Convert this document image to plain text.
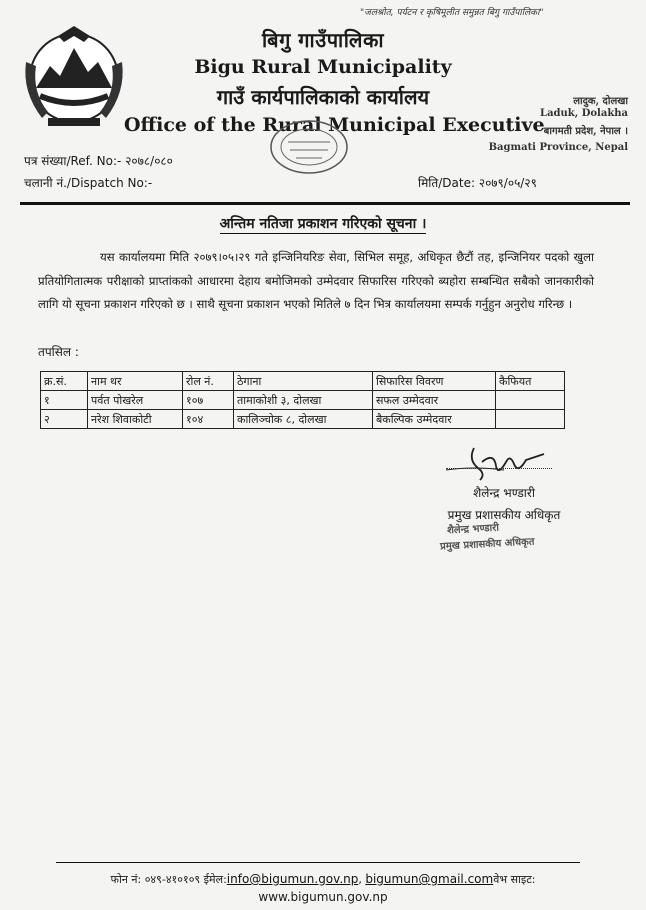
"जलश्रोत, पर्यटन र कृषिमूलीत समुन्नत बिगु गाउँपालिका"
बिगु गाउँपालिका
Bigu Rural Municipality
गाउँ कार्यपालिकाको कार्यालय
Office of the Rural Municipal Executive
लादुक, दोलखा
Laduk, Dolakha
बागमती प्रदेश, नेपाल ।
Bagmati Province, Nepal
पत्र संख्या/Ref. No:- २०७८/०८०
चलानी नं./Dispatch No:-	मिति/Date: २०७९/०५/२९
अन्तिम नतिजा प्रकाशन गरिएको सूचना ।
यस कार्यालयमा मिति २०७९।०५।२९ गते इन्जिनियरिङ सेवा, सिभिल समूह, अधिकृत छैटौं तह, इन्जिनियर पदको खुला प्रतियोगितात्मक परीक्षाको प्राप्तांकको आधारमा देहाय बमोजिमको उम्मेदवार सिफारिस गरिएको ब्यहोरा सम्बन्धित सबैको जानकारीको लागि यो सूचना प्रकाशन गरिएको छ । साथै सूचना प्रकाशन भएको मितिले ७ दिन भित्र कार्यालयमा सम्पर्क गर्नुहुन अनुरोध गरिन्छ ।
तपसिल :
क्र.सं.	नाम थर	रोल नं.	ठेगाना	सिफारिस विवरण	कैफियत
१	पर्वत पोखरेल	१०७	तामाकोशी ३, दोलखा	सफल उम्मेदवार	
२	नरेश शिवाकोटी	१०४	कालिञ्चोक ८, दोलखा	बैकल्पिक उम्मेदवार	
शैलेन्द्र भण्डारी
प्रमुख प्रशासकीय अधिकृत
शैलेन्द्र भण्डारी
प्रमुख प्रशासकीय अधिकृत
फोन नं: ०४९-४१०१०९ ईमेल:info@bigumun.gov.np, bigumun@gmail.comवेभ साइट:
www.bigumun.gov.np
